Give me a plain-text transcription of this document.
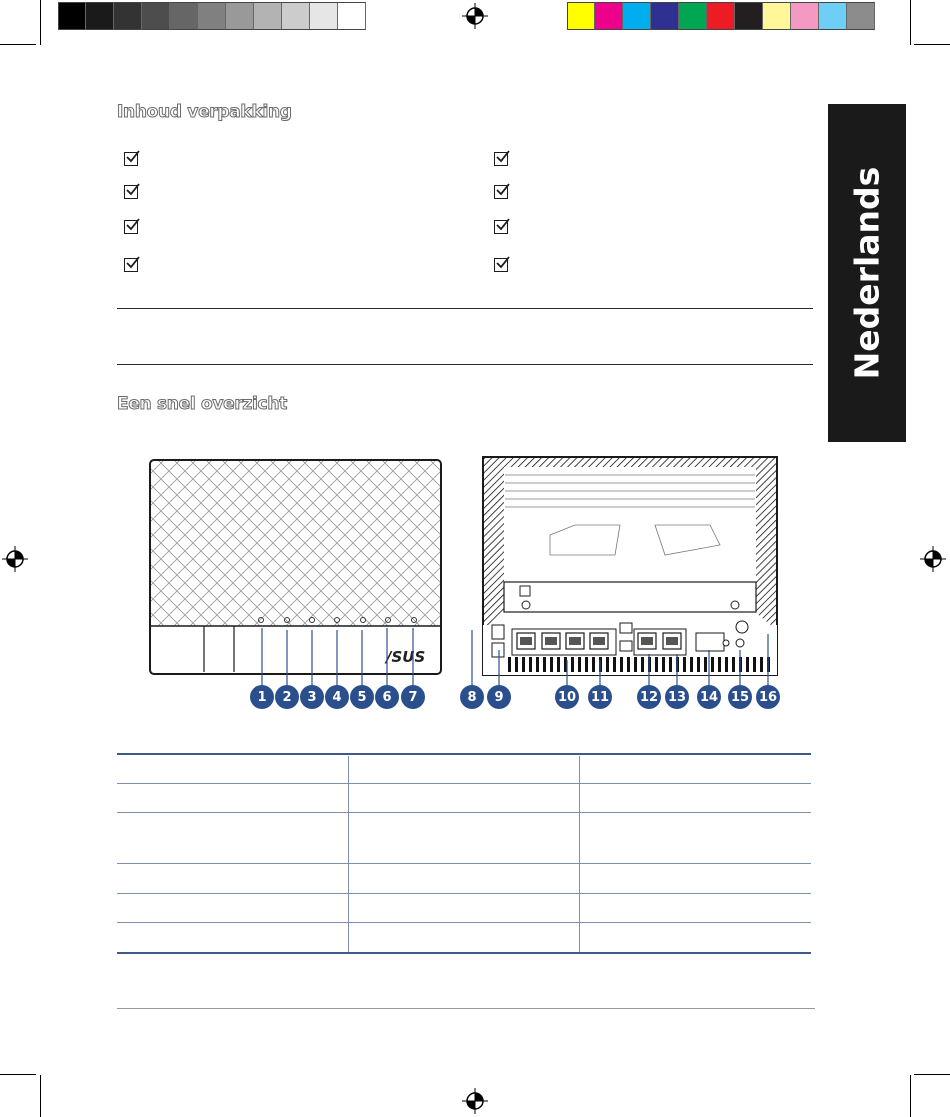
Nederlands
Inhoud verpakking
Een snel overzicht
/SUS
1	2	3	4	5	6	7	8	9	10 11 12 13 14 15 16
